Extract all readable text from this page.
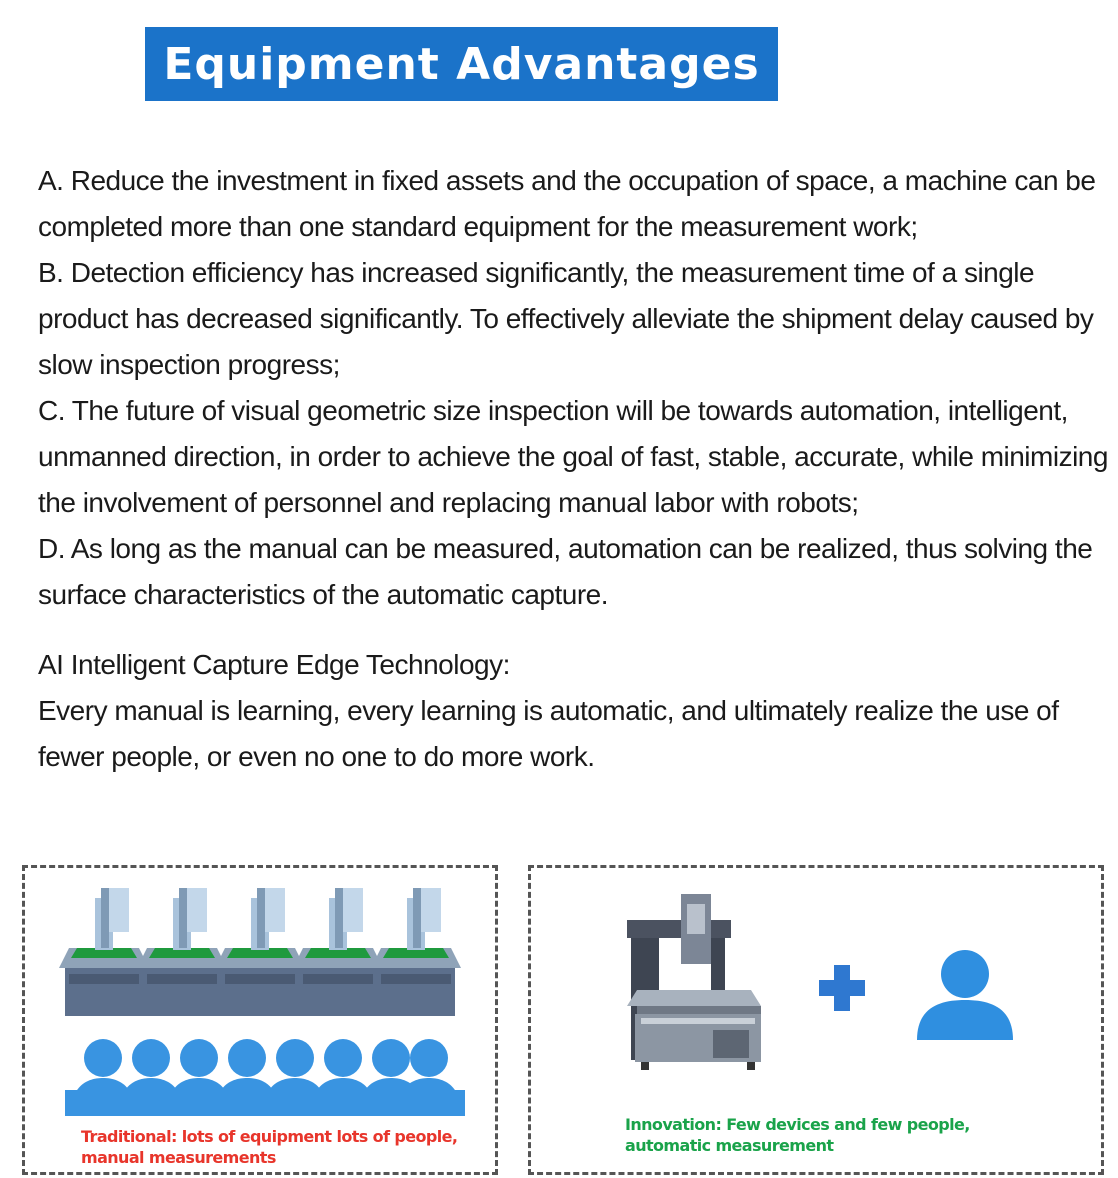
Equipment Advantages

A. Reduce the investment in fixed assets and the occupation of space, a machine can be completed more than one standard equipment for the measurement work;

B. Detection efficiency has increased significantly, the measurement time of a single product has decreased significantly. To effectively alleviate the shipment delay caused by slow inspection progress;

C. The future of visual geometric size inspection will be towards automation, intelligent, unmanned direction, in order to achieve the goal of fast, stable, accurate, while minimizing the involvement of personnel and replacing manual labor with robots;

D. As long as the manual can be measured, automation can be realized, thus solving the surface characteristics of the automatic capture.

AI Intelligent Capture Edge Technology:

Every manual is learning, every learning is automatic, and ultimately realize the use of fewer people, or even no one to do more work.

Traditional: lots of equipment lots of people,
manual measurements
Innovation: Few devices and few people,
automatic measurement
